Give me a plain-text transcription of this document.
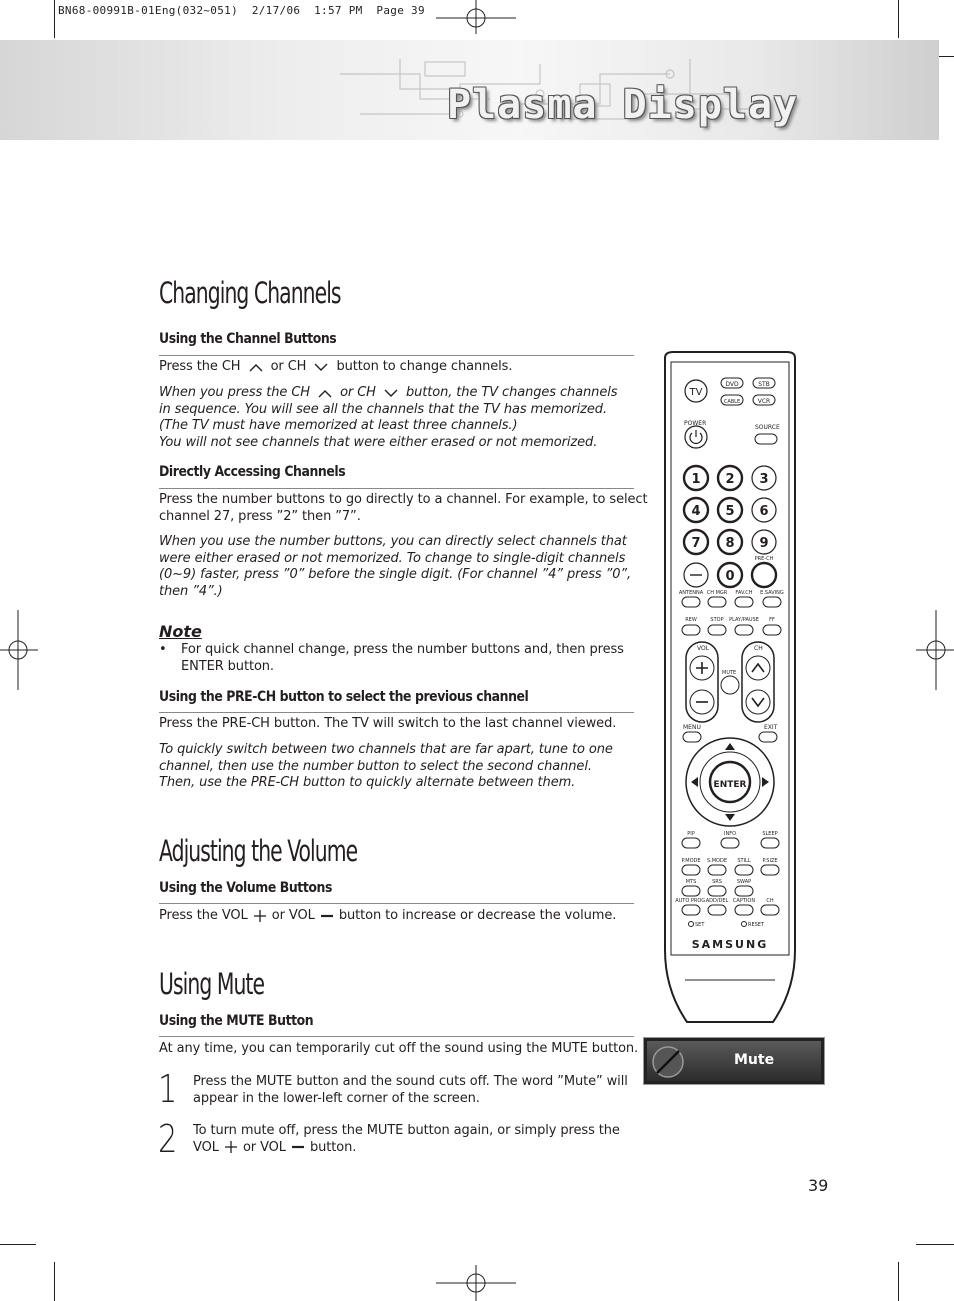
BN68-00991B-01Eng(032~051)  2/17/06  1:57 PM  Page 39
Plasma Display
Changing Channels
Using the Channel Buttons
Press the CH or CH button to change channels.
When you press the CH or CH button, the TV changes channels
in sequence. You will see all the channels that the TV has memorized.
(The TV must have memorized at least three channels.)
You will not see channels that were either erased or not memorized.
Directly Accessing Channels
Press the number buttons to go directly to a channel. For example, to select
channel 27, press ”2” then ”7”.
When you use the number buttons, you can directly select channels that
were either erased or not memorized. To change to single-digit channels
(0~9) faster, press ”0” before the single digit. (For channel ”4” press ”0”,
then ”4”.)
Note
• For quick channel change, press the number buttons and, then press
ENTER button.
Using the PRE-CH button to select the previous channel
Press the PRE-CH button. The TV will switch to the last channel viewed.
To quickly switch between two channels that are far apart, tune to one
channel, then use the number button to select the second channel.
Then, use the PRE-CH button to quickly alternate between them.
Adjusting the Volume
Using the Volume Buttons
Press the VOL or VOL button to increase or decrease the volume.
Using Mute
Using the MUTE Button
At any time, you can temporarily cut off the sound using the MUTE button.
1 Press the MUTE button and the sound cuts off. The word ”Mute” will
appear in the lower-left corner of the screen.
2 To turn mute off, press the MUTE button again, or simply press the
VOL or VOL button.
Mute
39
TV
DVD	STB
CABLE	VCR
POWER
SOURCE
1 2 3
4 5 6
7 8 9
0
PRE-CH
ANTENNA CH MGR FAV.CH E.SAVING
REW	STOP PLAY/PAUSE FF
VOL	CH
MUTE
MENU	EXIT
ENTER
PIP	INFO	SLEEP
P.MODE S.MODE STILL P.SIZE
MTS	SRS	SWAP
AUTO PROG.
ADD/DEL CAPTION CH
SET	RESET
SAMSUNG
